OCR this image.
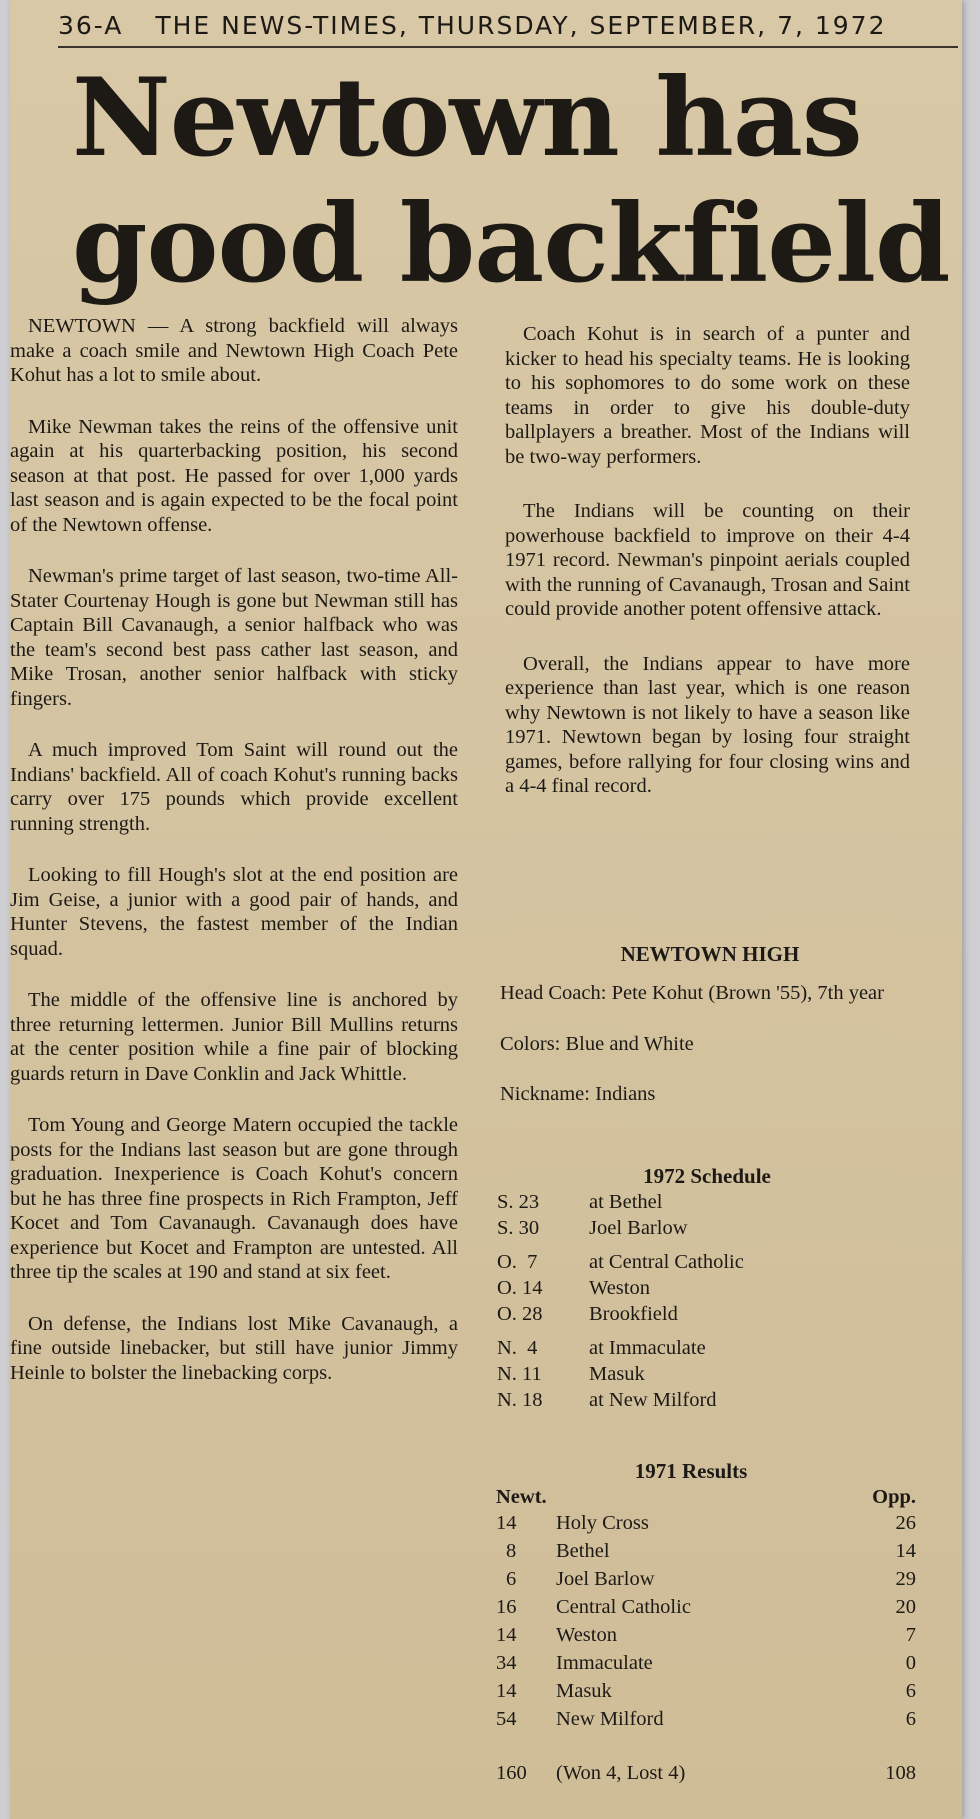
36-A THE NEWS-TIMES, THURSDAY, SEPTEMBER, 7, 1972
Newtown has
good backfield

NEWTOWN — A strong backfield will always make a coach smile and Newtown High Coach Pete Kohut has a lot to smile about.

Mike Newman takes the reins of the offensive unit again at his quarterbacking position, his second season at that post. He passed for over 1,000 yards last season and is again expected to be the focal point of the Newtown offense.

Newman's prime target of last season, two-time All-Stater Courtenay Hough is gone but Newman still has Captain Bill Cavanaugh, a senior halfback who was the team's second best pass cather last season, and Mike Trosan, another senior halfback with sticky fingers.

A much improved Tom Saint will round out the Indians' backfield. All of coach Kohut's running backs carry over 175 pounds which provide excellent running strength.

Looking to fill Hough's slot at the end position are Jim Geise, a junior with a good pair of hands, and Hunter Stevens, the fastest member of the Indian squad.

The middle of the offensive line is anchored by three returning lettermen. Junior Bill Mullins returns at the center position while a fine pair of blocking guards return in Dave Conklin and Jack Whittle.

Tom Young and George Matern occupied the tackle posts for the Indians last season but are gone through graduation. Inexperience is Coach Kohut's concern but he has three fine prospects in Rich Frampton, Jeff Kocet and Tom Cavanaugh. Cavanaugh does have experience but Kocet and Frampton are untested. All three tip the scales at 190 and stand at six feet.

On defense, the Indians lost Mike Cavanaugh, a fine outside linebacker, but still have junior Jimmy Heinle to bolster the linebacking corps.

Coach Kohut is in search of a punter and kicker to head his specialty teams. He is looking to his sophomores to do some work on these teams in order to give his double-duty ballplayers a breather. Most of the Indians will be two-way performers.

The Indians will be counting on their powerhouse backfield to improve on their 4-4 1971 record. Newman's pinpoint aerials coupled with the running of Cavanaugh, Trosan and Saint could provide another potent offensive attack.

Overall, the Indians appear to have more experience than last year, which is one reason why Newtown is not likely to have a season like 1971. Newtown began by losing four straight games, before rallying for four closing wins and a 4-4 final record.

NEWTOWN HIGH
Head Coach: Pete Kohut (Brown '55), 7th year
Colors: Blue and White
Nickname: Indians
1972 Schedule
S. 23	at Bethel
S. 30	Joel Barlow
O.  7	at Central Catholic
O. 14	Weston
O. 28	Brookfield
N.  4	at Immaculate
N. 11	Masuk
N. 18	at New Milford
1971 Results
Newt.	Opp.
14	Holy Cross	26
8	Bethel	14
6	Joel Barlow	29
16	Central Catholic	20
14	Weston	7
34	Immaculate	0
14	Masuk	6
54	New Milford	6
160	(Won 4, Lost 4)	108
